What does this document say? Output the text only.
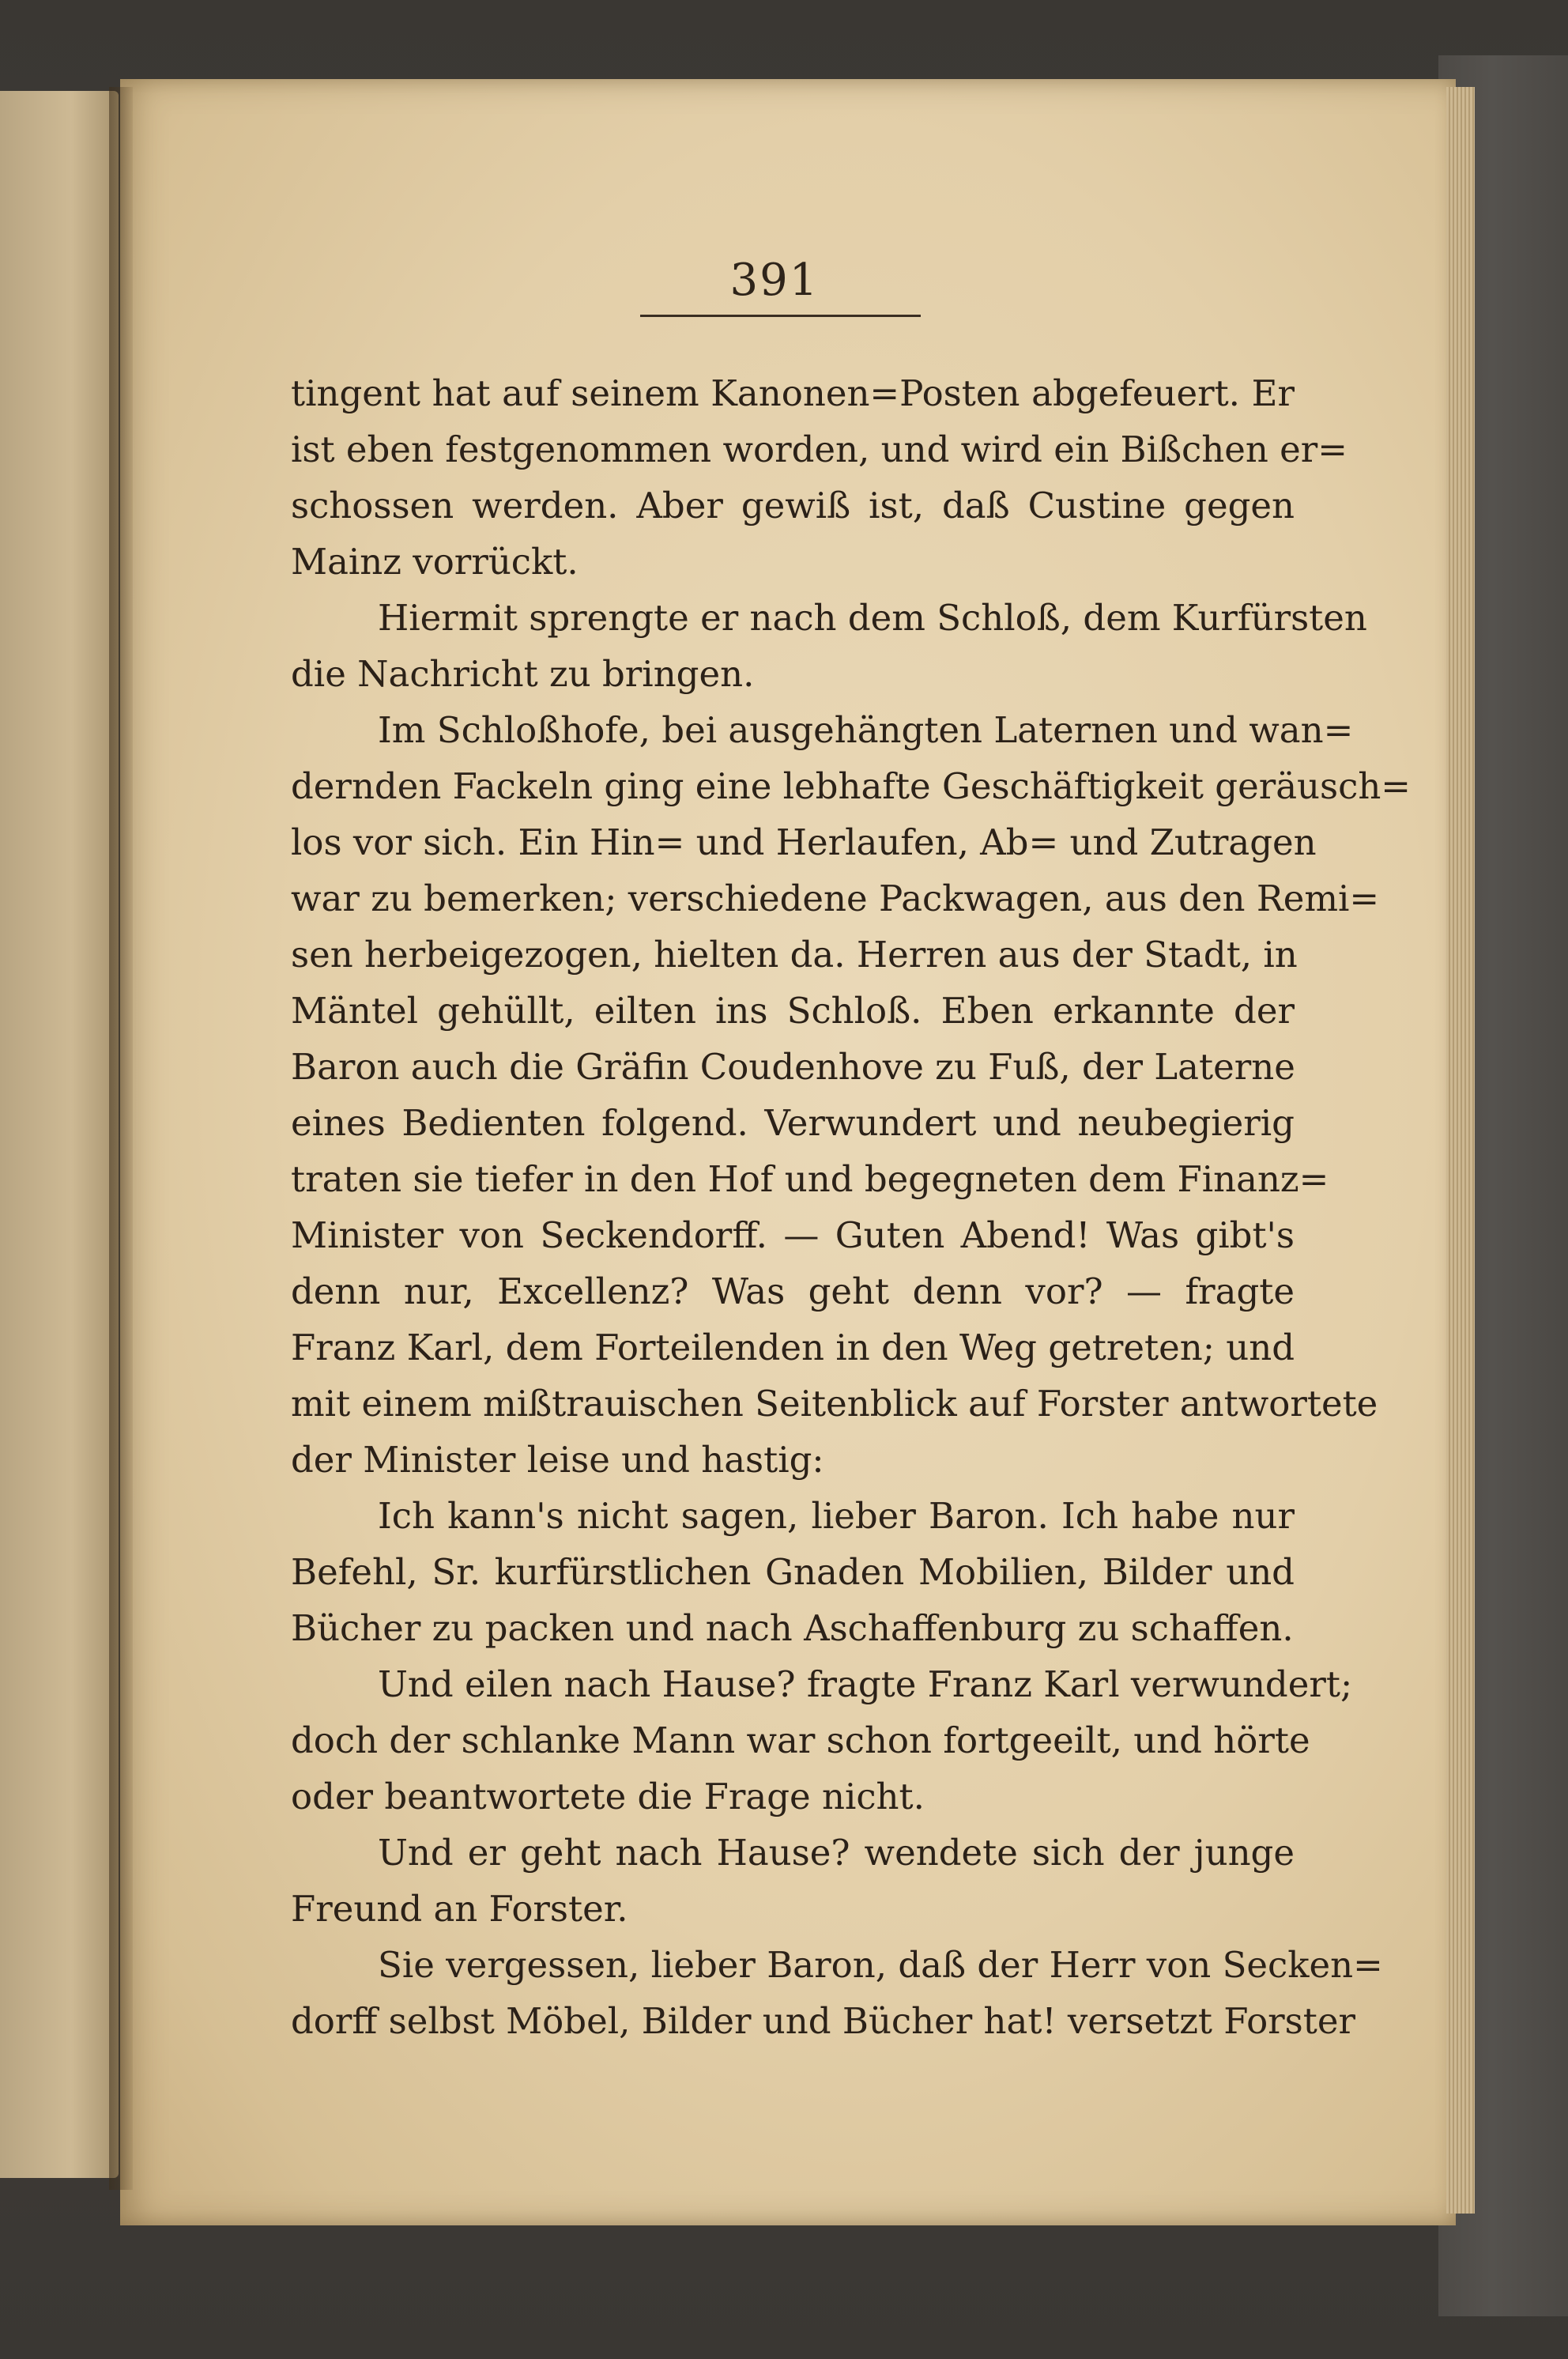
391
tingent hat auf seinem Kanonen=Posten abgefeuert. Er
ist eben festgenommen worden, und wird ein Bißchen er=
schossen werden. Aber gewiß ist, daß Custine gegen
Mainz vorrückt.
Hiermit sprengte er nach dem Schloß, dem Kurfürsten
die Nachricht zu bringen.
Im Schloßhofe, bei ausgehängten Laternen und wan=
dernden Fackeln ging eine lebhafte Geschäftigkeit geräusch=
los vor sich. Ein Hin= und Herlaufen, Ab= und Zutragen
war zu bemerken; verschiedene Packwagen, aus den Remi=
sen herbeigezogen, hielten da. Herren aus der Stadt, in
Mäntel gehüllt, eilten ins Schloß. Eben erkannte der
Baron auch die Gräfin Coudenhove zu Fuß, der Laterne
eines Bedienten folgend. Verwundert und neubegierig
traten sie tiefer in den Hof und begegneten dem Finanz=
Minister von Seckendorff. — Guten Abend! Was gibt's
denn nur, Excellenz? Was geht denn vor? — fragte
Franz Karl, dem Forteilenden in den Weg getreten; und
mit einem mißtrauischen Seitenblick auf Forster antwortete
der Minister leise und hastig:
Ich kann's nicht sagen, lieber Baron. Ich habe nur
Befehl, Sr. kurfürstlichen Gnaden Mobilien, Bilder und
Bücher zu packen und nach Aschaffenburg zu schaffen.
Und eilen nach Hause? fragte Franz Karl verwundert;
doch der schlanke Mann war schon fortgeeilt, und hörte
oder beantwortete die Frage nicht.
Und er geht nach Hause? wendete sich der junge
Freund an Forster.
Sie vergessen, lieber Baron, daß der Herr von Secken=
dorff selbst Möbel, Bilder und Bücher hat! versetzt Forster
